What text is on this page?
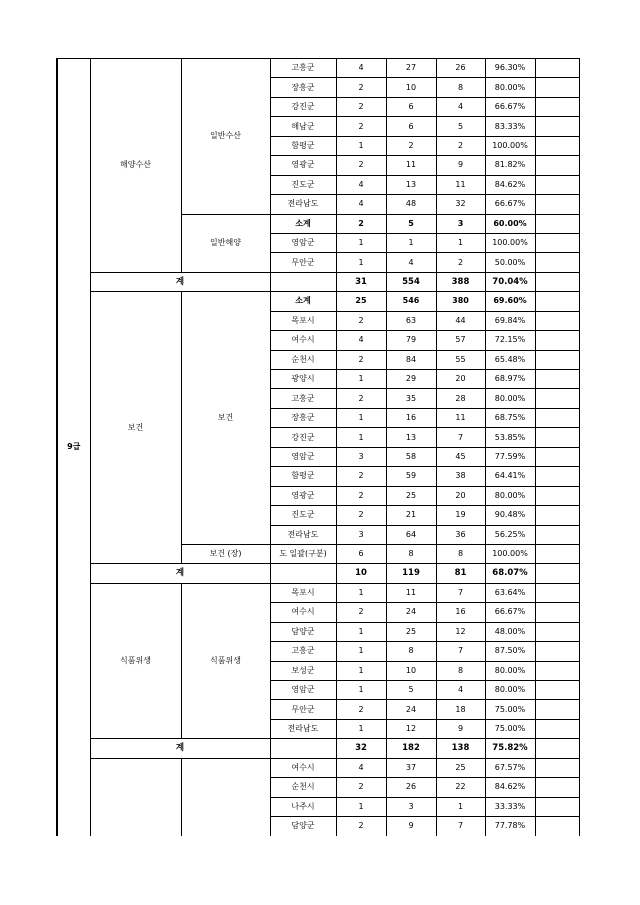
9급	해양수산	일반수산	고흥군	4	27	26	96.30%	
			장흥군	2	10	8	80.00%	
			강진군	2	6	4	66.67%	
			해남군	2	6	5	83.33%	
			함평군	1	2	2	100.00%	
			영광군	2	11	9	81.82%	
			진도군	4	13	11	84.62%	
			전라남도	4	48	32	66.67%	
		일반해양	소계	2	5	3	60.00%	
			영암군	1	1	1	100.00%	
			무안군	1	4	2	50.00%	
	계			31	554	388	70.04%	
	보건	보건	소계	25	546	380	69.60%	
			목포시	2	63	44	69.84%	
			여수시	4	79	57	72.15%	
			순천시	2	84	55	65.48%	
			광양시	1	29	20	68.97%	
			고흥군	2	35	28	80.00%	
			장흥군	1	16	11	68.75%	
			강진군	1	13	7	53.85%	
			영암군	3	58	45	77.59%	
			함평군	2	59	38	64.41%	
			영광군	2	25	20	80.00%	
			진도군	2	21	19	90.48%	
			전라남도	3	64	36	56.25%	
		보건 (장)	도 일괄(구분)	6	8	8	100.00%	
	계			10	119	81	68.07%	
	식품위생	식품위생	목포시	1	11	7	63.64%	
			여수시	2	24	16	66.67%	
			담양군	1	25	12	48.00%	
			고흥군	1	8	7	87.50%	
			보성군	1	10	8	80.00%	
			영암군	1	5	4	80.00%	
			무안군	2	24	18	75.00%	
			전라남도	1	12	9	75.00%	
	계			32	182	138	75.82%	
			여수시	4	37	25	67.57%	
			순천시	2	26	22	84.62%	
			나주시	1	3	1	33.33%	
			담양군	2	9	7	77.78%	
